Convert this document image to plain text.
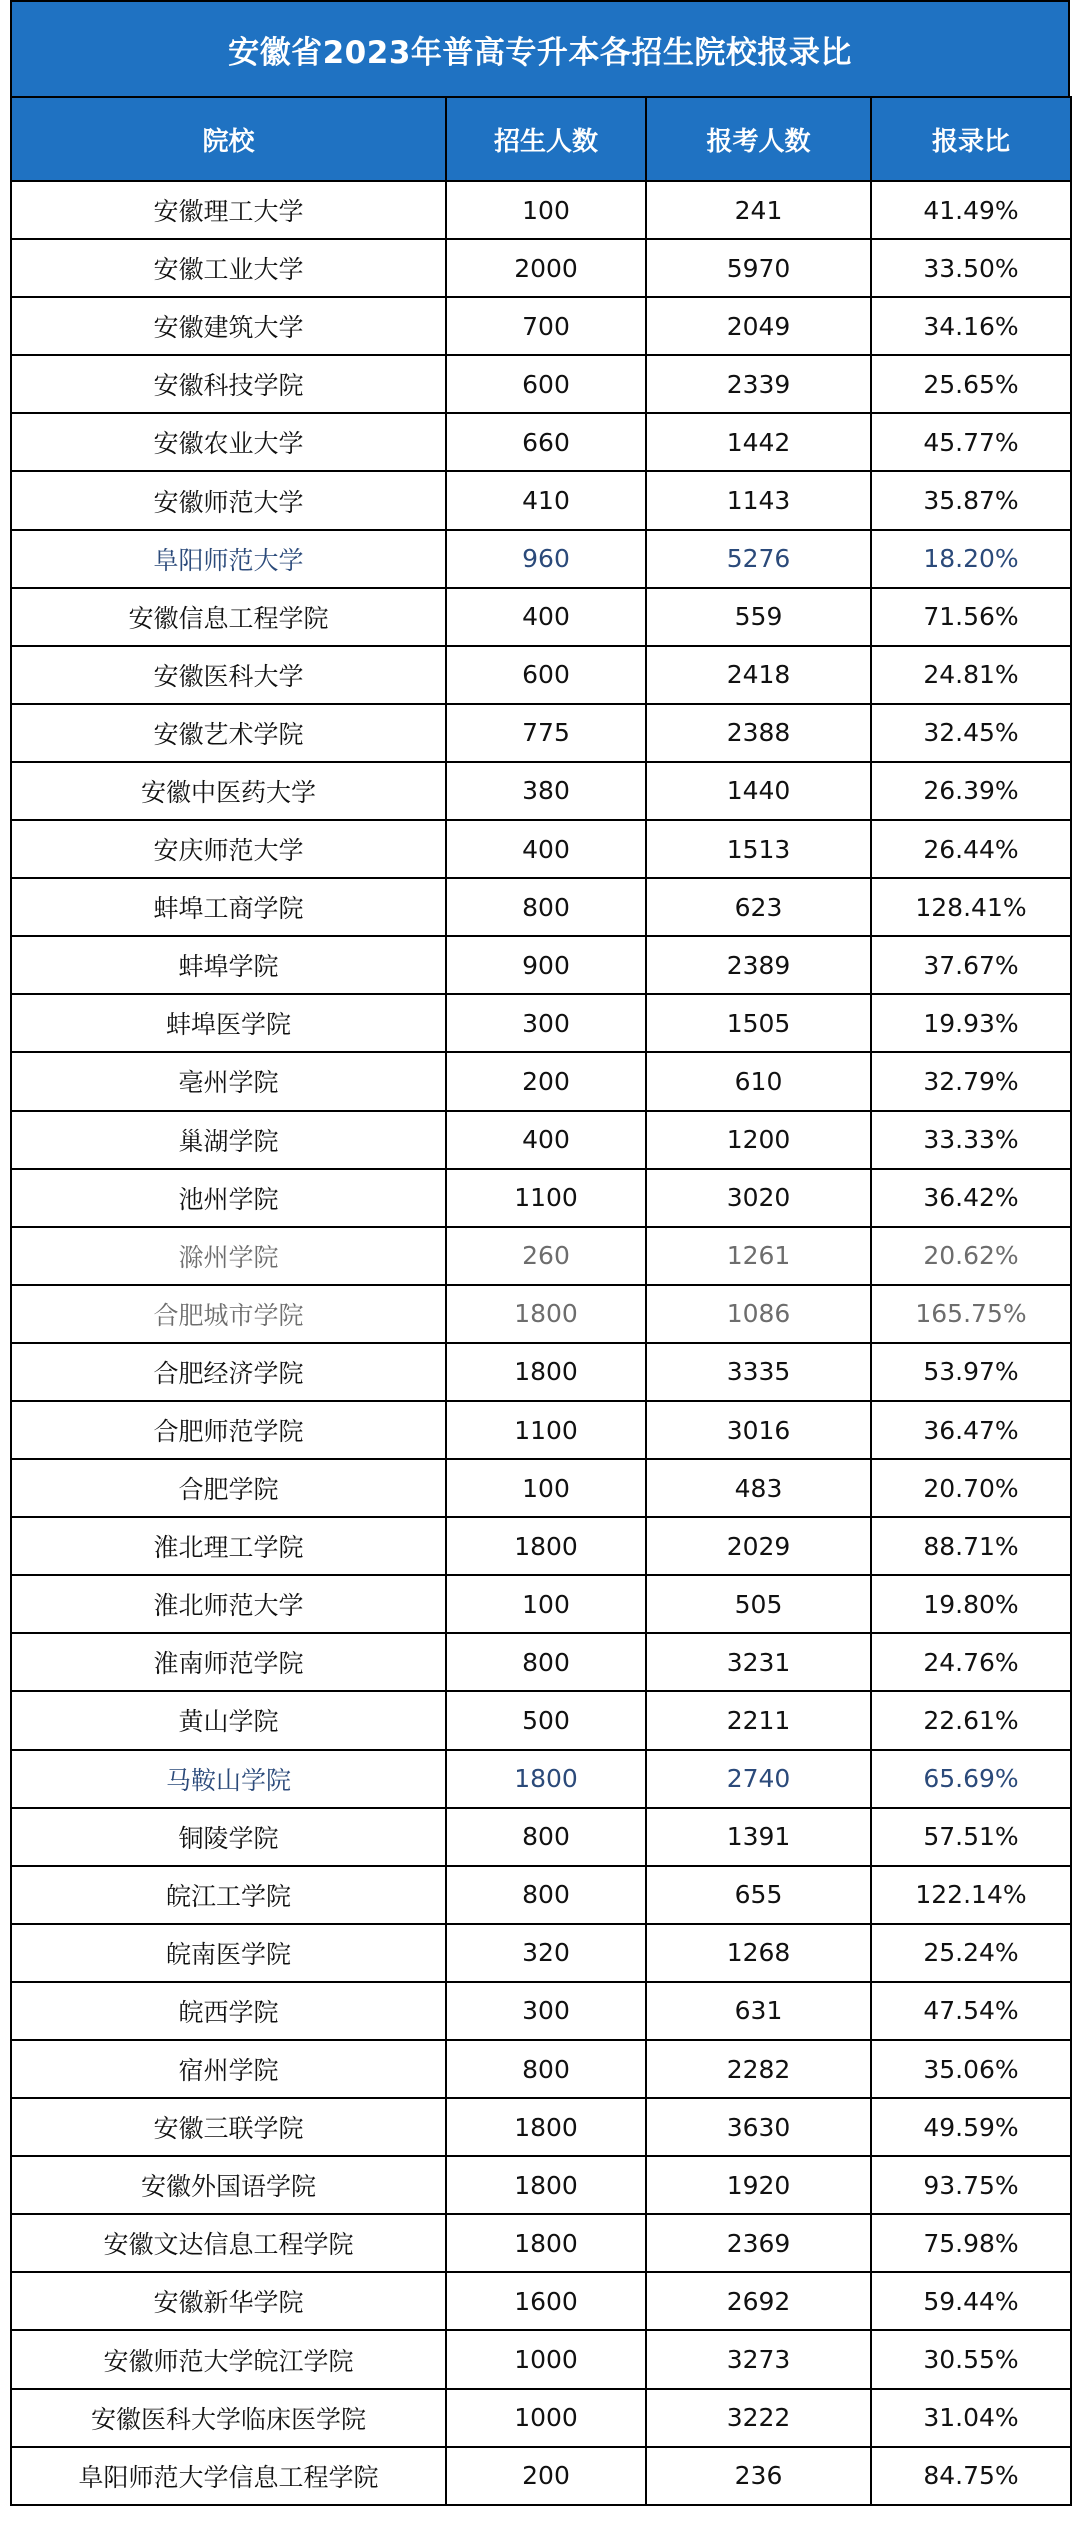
安徽省2023年普高专升本各招生院校报录比
院校	招生人数	报考人数	报录比
安徽理工大学	100	241	41.49%
安徽工业大学	2000	5970	33.50%
安徽建筑大学	700	2049	34.16%
安徽科技学院	600	2339	25.65%
安徽农业大学	660	1442	45.77%
安徽师范大学	410	1143	35.87%
阜阳师范大学	960	5276	18.20%
安徽信息工程学院	400	559	71.56%
安徽医科大学	600	2418	24.81%
安徽艺术学院	775	2388	32.45%
安徽中医药大学	380	1440	26.39%
安庆师范大学	400	1513	26.44%
蚌埠工商学院	800	623	128.41%
蚌埠学院	900	2389	37.67%
蚌埠医学院	300	1505	19.93%
亳州学院	200	610	32.79%
巢湖学院	400	1200	33.33%
池州学院	1100	3020	36.42%
滁州学院	260	1261	20.62%
合肥城市学院	1800	1086	165.75%
合肥经济学院	1800	3335	53.97%
合肥师范学院	1100	3016	36.47%
合肥学院	100	483	20.70%
淮北理工学院	1800	2029	88.71%
淮北师范大学	100	505	19.80%
淮南师范学院	800	3231	24.76%
黄山学院	500	2211	22.61%
马鞍山学院	1800	2740	65.69%
铜陵学院	800	1391	57.51%
皖江工学院	800	655	122.14%
皖南医学院	320	1268	25.24%
皖西学院	300	631	47.54%
宿州学院	800	2282	35.06%
安徽三联学院	1800	3630	49.59%
安徽外国语学院	1800	1920	93.75%
安徽文达信息工程学院	1800	2369	75.98%
安徽新华学院	1600	2692	59.44%
安徽师范大学皖江学院	1000	3273	30.55%
安徽医科大学临床医学院	1000	3222	31.04%
阜阳师范大学信息工程学院	200	236	84.75%
